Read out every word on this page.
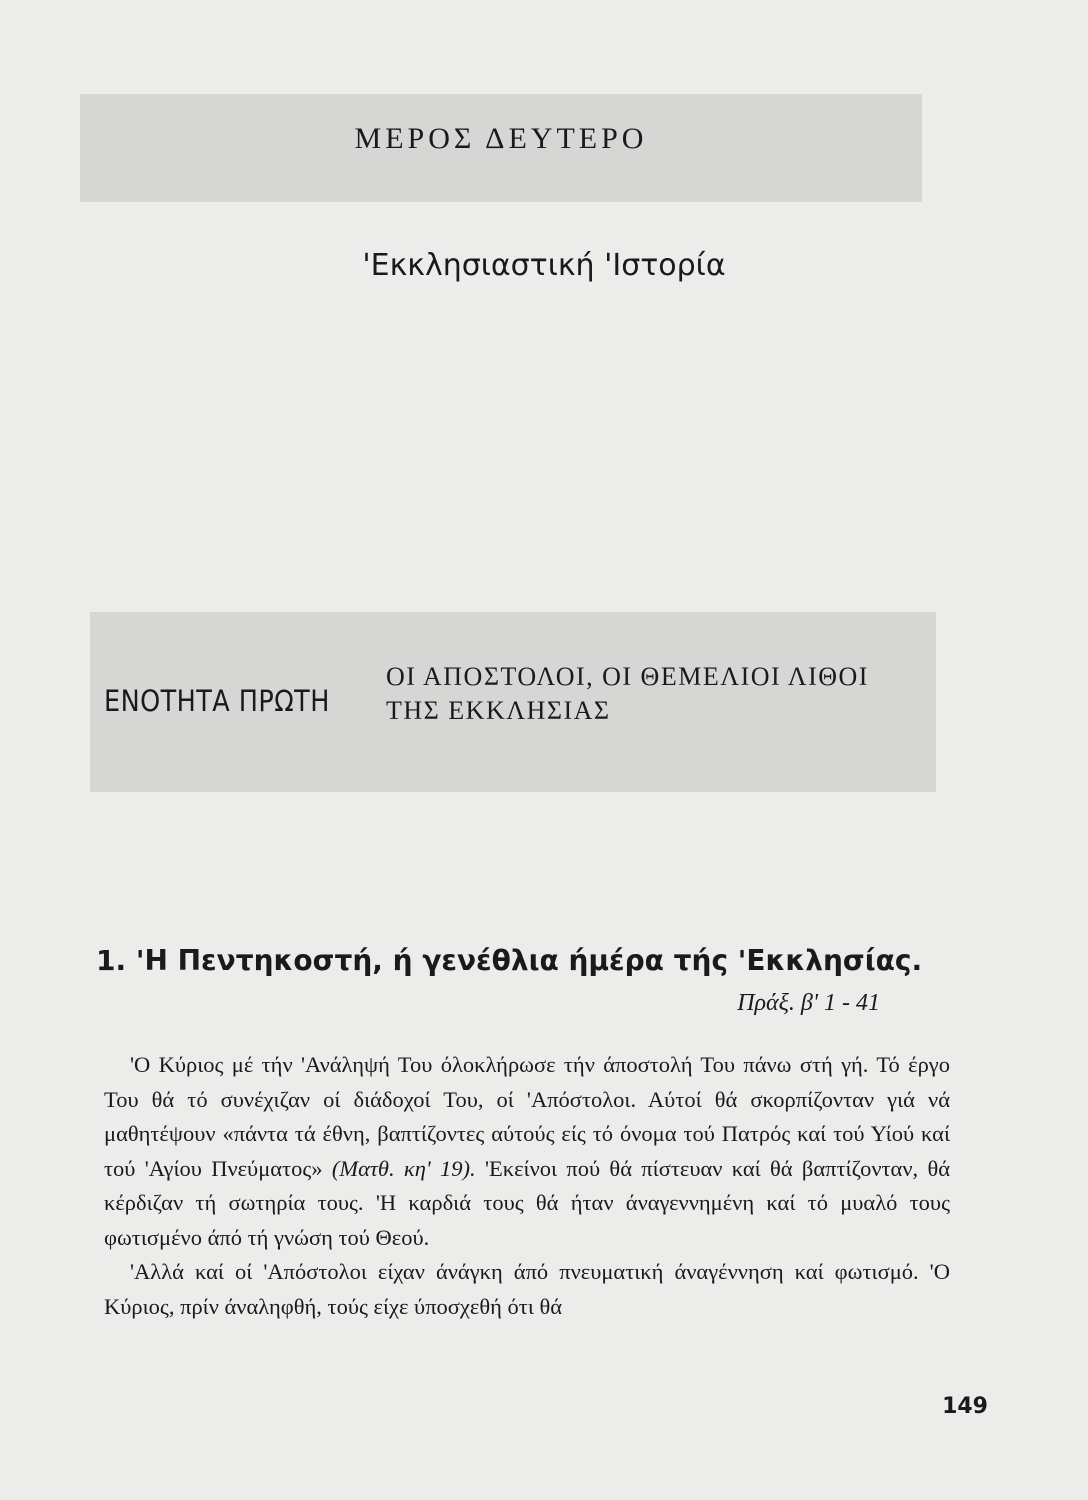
ΜΕΡΟΣ ΔΕΥΤΕΡΟ
'Εκκλησιαστική 'Ιστορία
ΕΝΟΤΗΤΑ ΠΡΩΤΗ
ΟΙ ΑΠΟΣΤΟΛΟΙ, ΟΙ ΘΕΜΕΛΙΟΙ ΛΙΘΟΙ
ΤΗΣ ΕΚΚΛΗΣΙΑΣ
1. 'Η Πεντηκοστή, ή γενέθλια ήμέρα τής 'Εκκλησίας.
Πράξ. β' 1 - 41

'Ο Κύριος μέ τήν 'Ανάληψή Του όλοκλήρωσε τήν άποστολή Του πάνω στή γή. Τό έργο Του θά τό συνέχιζαν οί διάδοχοί Του, οί 'Απόστολοι. Αύτοί θά σκορπίζονταν γιά νά μαθητέψουν «πάντα τά έθνη, βαπτίζοντες αύτούς είς τό όνομα τού Πατρός καί τού Υίού καί τού 'Αγίου Πνεύματος» (Ματθ. κη' 19). 'Εκείνοι πού θά πίστευαν καί θά βαπτίζονταν, θά κέρδιζαν τή σωτηρία τους. 'Η καρδιά τους θά ήταν άναγεννημένη καί τό μυαλό τους φωτισμένο άπό τή γνώση τού Θεού.

'Αλλά καί οί 'Απόστολοι είχαν άνάγκη άπό πνευματική άναγέννηση καί φωτισμό. 'Ο Κύριος, πρίν άναληφθή, τούς είχε ύποσχεθή ότι θά

149
